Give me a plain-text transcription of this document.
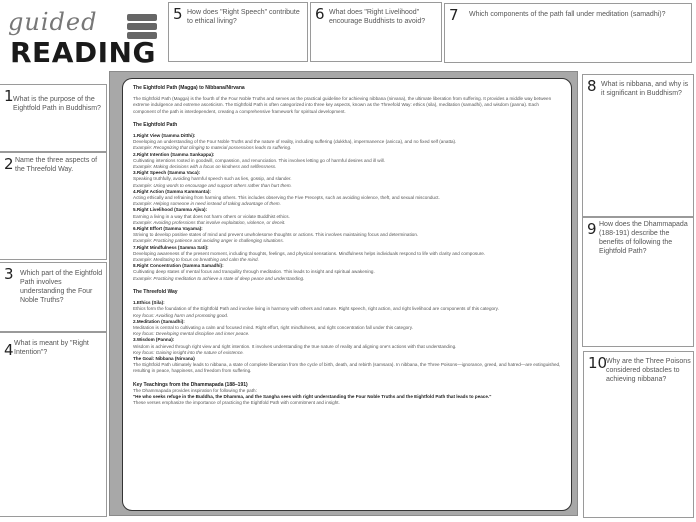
guided
READING
5 How does "Right Speech" contribute to ethical living?	6 What does "Right Livelihood" encourage Buddhists to avoid?	7 Which components of the path fall under meditation (samadhi)?
1 What is the purpose of the Eightfold Path in Buddhism?
2 Name the three aspects of the Threefold Way.
3 Which part of the Eightfold Path involves understanding the Four Noble Truths?
4 What is meant by "Right Intention"?
8 What is nibbana, and why is it significant in Buddhism?
9 How does the Dhammapada (188-191) describe the benefits of following the Eightfold Path?
10
Why are the Three Poisons considered obstacles to achieving nibbana?
The Eightfold Path (Magga) to Nibbana/Nirvana

The Eightfold Path (Magga) is the fourth of the Four Noble Truths and serves as the practical guideline for achieving nibbana (nirvana), the ultimate liberation from suffering. It provides a middle way between extreme indulgence and extreme asceticism. The Eightfold Path is often categorized into three key aspects, known as the Threefold Way: ethics (sila), meditation (samadhi), and wisdom (panna). Each component of the path is interdependent, creating a comprehensive framework for spiritual development.

The Eightfold Path
1.Right View (Samma Ditthi):
Developing an understanding of the Four Noble Truths and the nature of reality, including suffering (dukkha), impermanence (anicca), and no fixed self (anatta).
Example: Recognizing that clinging to material possessions leads to suffering.
2.Right Intention (Samma Sankappa):
Cultivating intentions rooted in goodwill, compassion, and renunciation. This involves letting go of harmful desires and ill will.
Example: Making decisions with a focus on kindness and selflessness.
3.Right Speech (Samma Vaca):
Speaking truthfully, avoiding harmful speech such as lies, gossip, and slander.
Example: Using words to encourage and support others rather than hurt them.
4.Right Action (Samma Kammanta):
Acting ethically and refraining from harming others. This includes observing the Five Precepts, such as avoiding violence, theft, and sexual misconduct.
Example: Helping someone in need instead of taking advantage of them.
5.Right Livelihood (Samma Ajiva):
Earning a living in a way that does not harm others or violate Buddhist ethics.
Example: Avoiding professions that involve exploitation, violence, or deceit.
6.Right Effort (Samma Vayama):
Striving to develop positive states of mind and prevent unwholesome thoughts or actions. This involves maintaining focus and determination.
Example: Practicing patience and avoiding anger in challenging situations.
7.Right Mindfulness (Samma Sati):
Developing awareness of the present moment, including thoughts, feelings, and physical sensations. Mindfulness helps individuals respond to life with clarity and composure.
Example: Meditating to focus on breathing and calm the mind.
8.Right Concentration (Samma Samadhi):
Cultivating deep states of mental focus and tranquility through meditation. This leads to insight and spiritual awakening.
Example: Practicing meditation to achieve a state of deep peace and understanding.
The Threefold Way
1.Ethics (Sila):
Ethics form the foundation of the Eightfold Path and involve living in harmony with others and nature. Right speech, right action, and right livelihood are components of this category.
Key focus: Avoiding harm and promoting good.
2.Meditation (Samadhi):
Meditation is central to cultivating a calm and focused mind. Right effort, right mindfulness, and right concentration fall under this category.
Key focus: Developing mental discipline and inner peace.
3.Wisdom (Panna):
Wisdom is achieved through right view and right intention. It involves understanding the true nature of reality and aligning one's actions with that understanding.
Key focus: Gaining insight into the nature of existence.
The Goal: Nibbana (Nirvana)
The Eightfold Path ultimately leads to nibbana, a state of complete liberation from the cycle of birth, death, and rebirth (samsara). In nibbana, the Three Poisons—ignorance, greed, and hatred—are extinguished, resulting in peace, happiness, and freedom from suffering.
Key Teachings from the Dhammapada (188–191)
The Dhammapada provides inspiration for following the path:
"He who seeks refuge in the Buddha, the Dhamma, and the Sangha sees with right understanding the Four Noble Truths and the Eightfold Path that leads to peace."
These verses emphasize the importance of practicing the Eightfold Path with commitment and insight.
